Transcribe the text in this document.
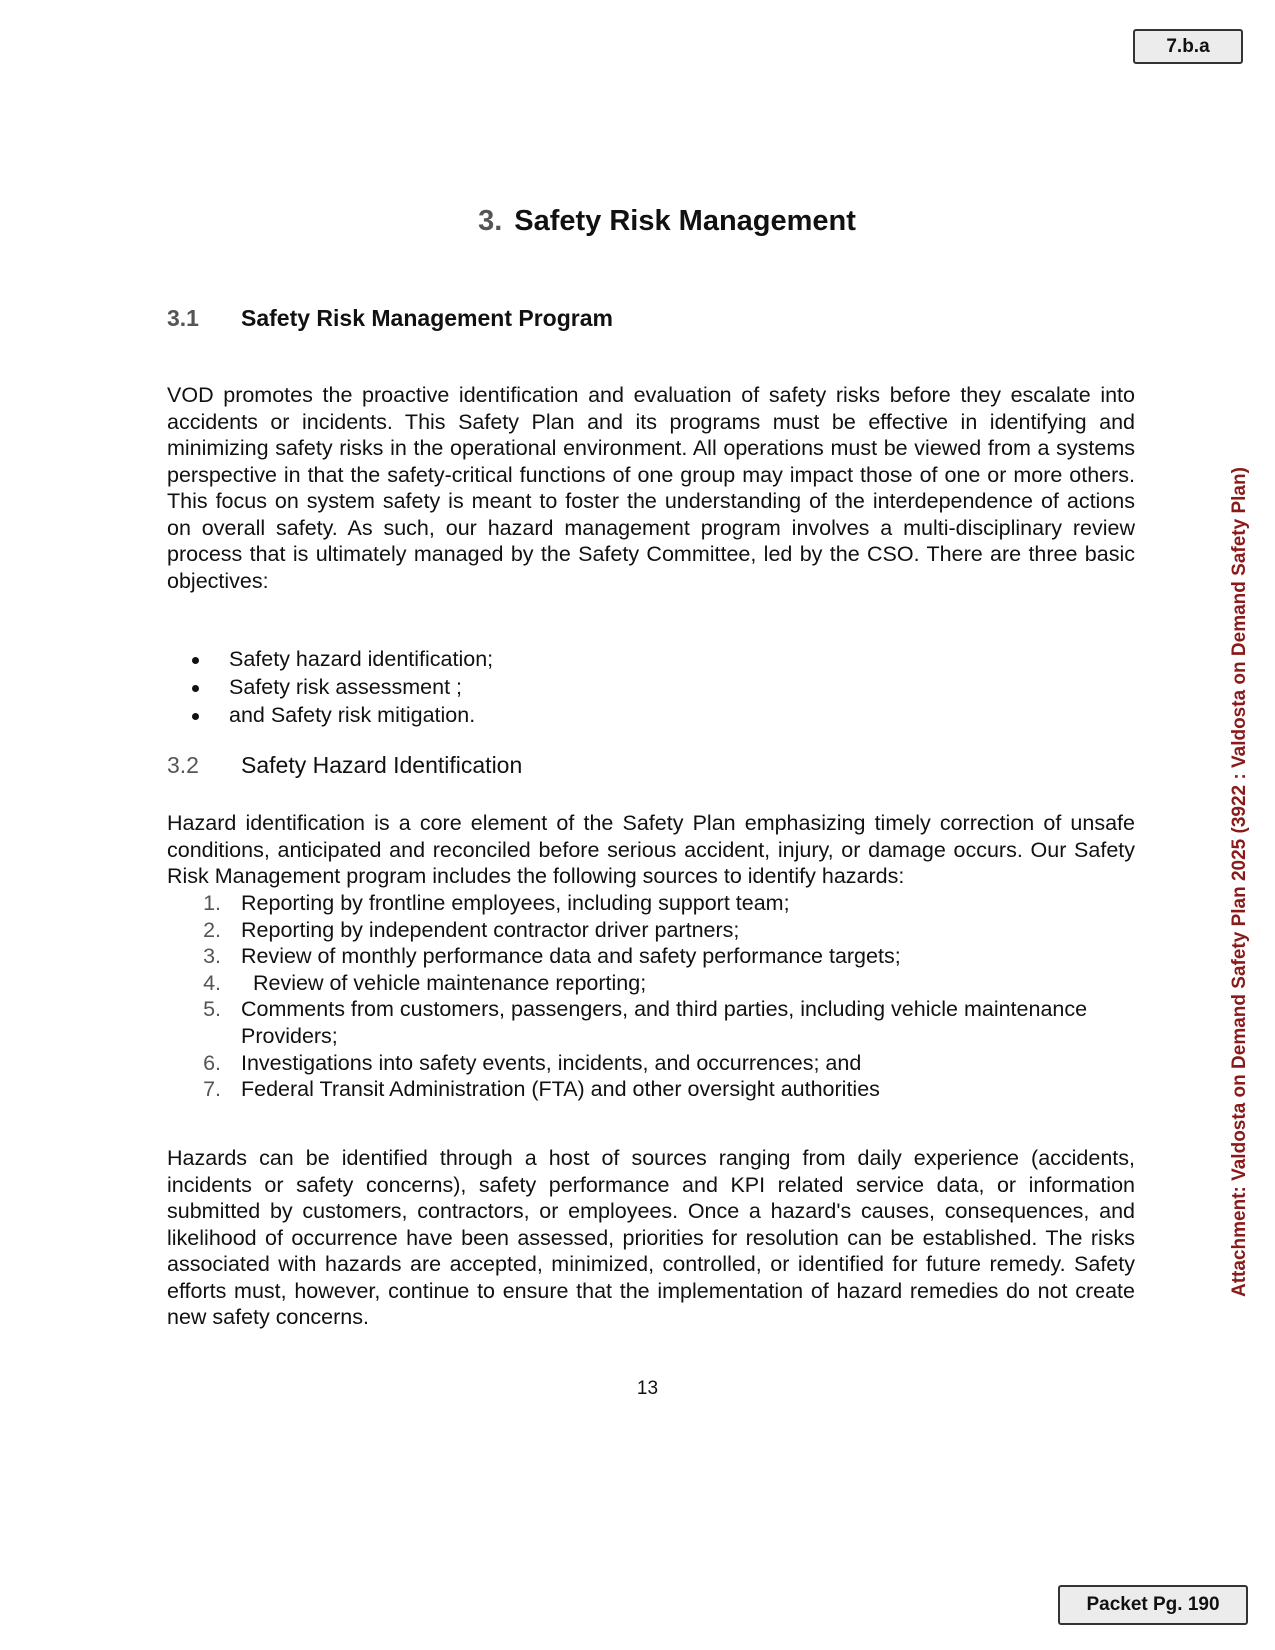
7.b.a
Attachment: Valdosta on Demand Safety Plan 2025 (3922 : Valdosta on Demand Safety Plan)
3. Safety Risk Management
3.1	Safety Risk Management Program

VOD promotes the proactive identification and evaluation of safety risks before they escalate into accidents or incidents. This Safety Plan and its programs must be effective in identifying and minimizing safety risks in the operational environment. All operations must be viewed from a systems perspective in that the safety-critical functions of one group may impact those of one or more others. This focus on system safety is meant to foster the understanding of the interdependence of actions on overall safety. As such, our hazard management program involves a multi-disciplinary review process that is ultimately managed by the Safety Committee, led by the CSO. There are three basic objectives:

Safety hazard identification;
Safety risk assessment ;
and Safety risk mitigation.
3.2	Safety Hazard Identification

Hazard identification is a core element of the Safety Plan emphasizing timely correction of unsafe conditions, anticipated and reconciled before serious accident, injury, or damage occurs. Our Safety Risk Management program includes the following sources to identify hazards:

1. Reporting by frontline employees, including support team;
2. Reporting by independent contractor driver partners;
3. Review of monthly performance data and safety performance targets;
4.	Review of vehicle maintenance reporting;
5. Comments from customers, passengers, and third parties, including vehicle maintenance Providers;
6. Investigations into safety events, incidents, and occurrences; and
7. Federal Transit Administration (FTA) and other oversight authorities

Hazards can be identified through a host of sources ranging from daily experience (accidents, incidents or safety concerns), safety performance and KPI related service data, or information submitted by customers, contractors, or employees. Once a hazard's causes, consequences, and likelihood of occurrence have been assessed, priorities for resolution can be established. The risks associated with hazards are accepted, minimized, controlled, or identified for future remedy. Safety efforts must, however, continue to ensure that the implementation of hazard remedies do not create new safety concerns.

13
Packet Pg. 190
